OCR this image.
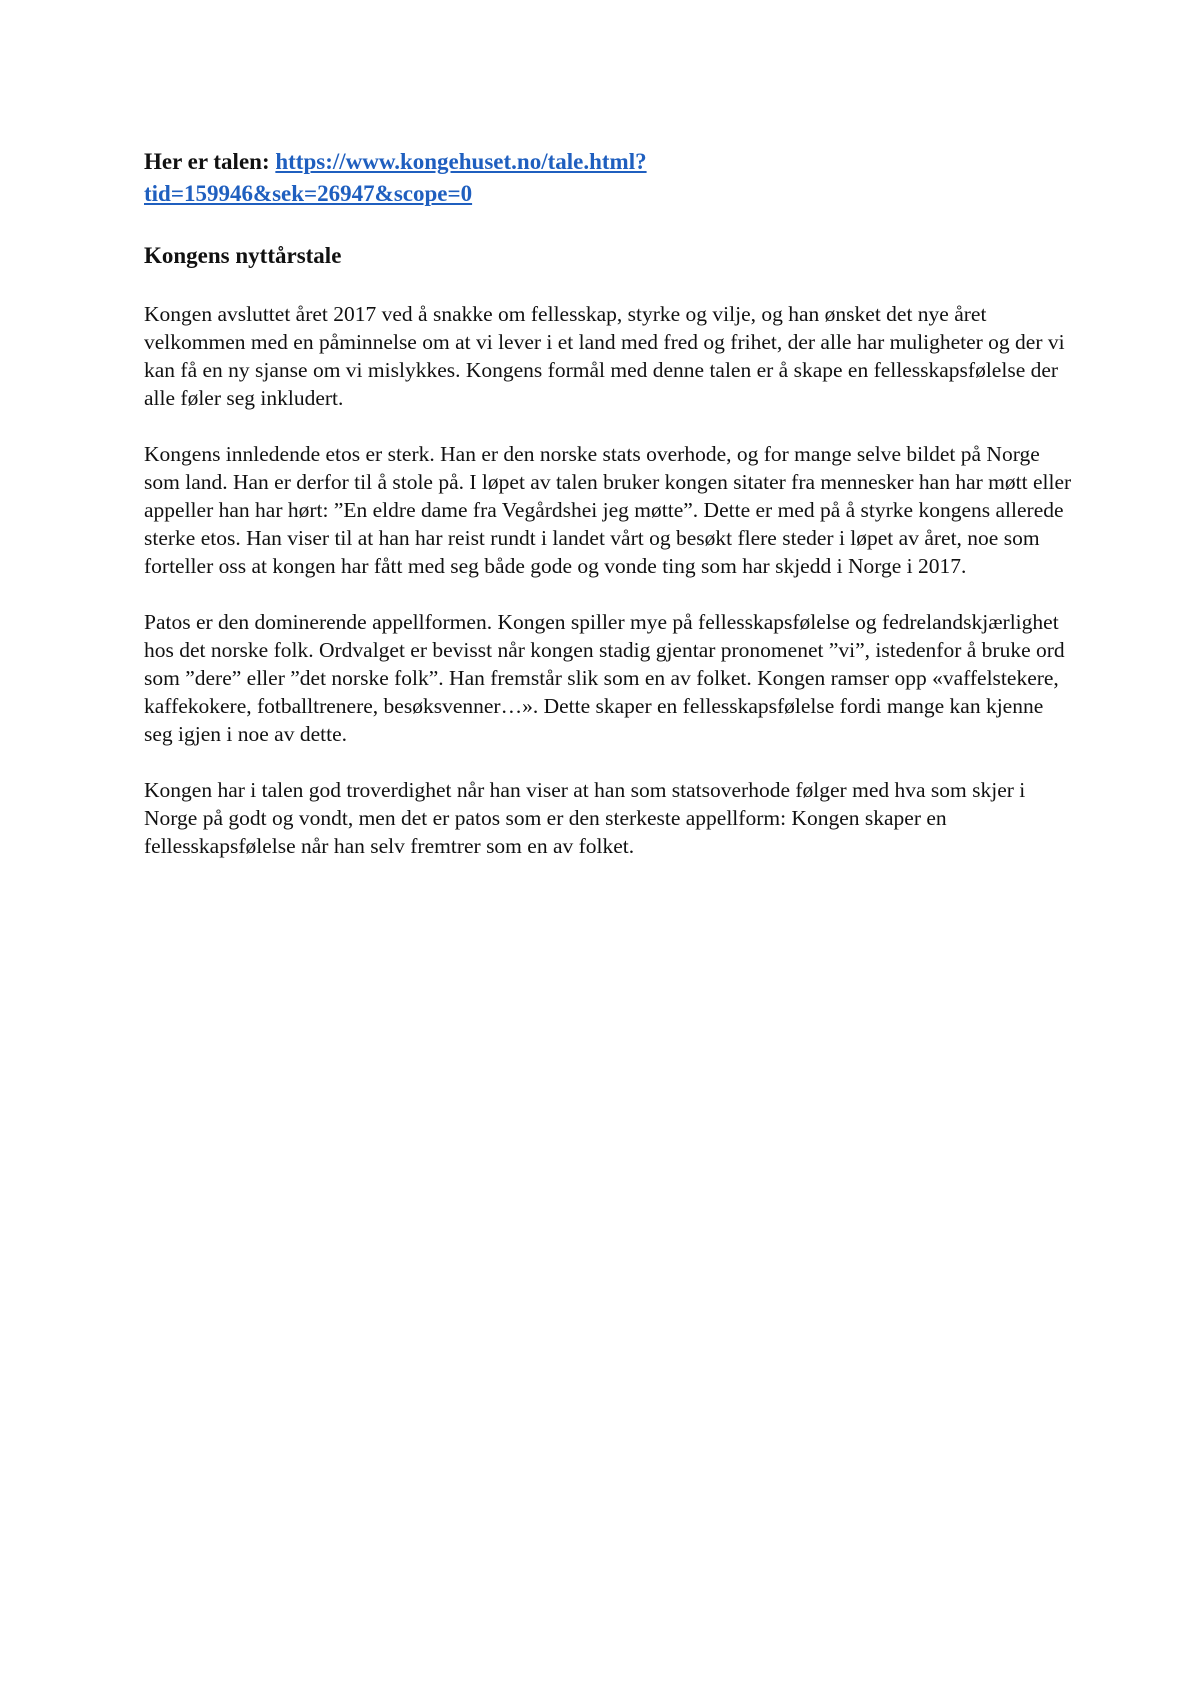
Her er talen: https://www.kongehuset.no/tale.html?
tid=159946&sek=26947&scope=0

Kongens nyttårstale

Kongen avsluttet året 2017 ved å snakke om fellesskap, styrke og vilje, og han ønsket det nye året velkommen med en påminnelse om at vi lever i et land med fred og frihet, der alle har muligheter og der vi kan få en ny sjanse om vi mislykkes. Kongens formål med denne talen er å skape en fellesskapsfølelse der alle føler seg inkludert.

Kongens innledende etos er sterk. Han er den norske stats overhode, og for mange selve bildet på Norge som land. Han er derfor til å stole på. I løpet av talen bruker kongen sitater fra mennesker han har møtt eller appeller han har hørt: ”En eldre dame fra Vegårdshei jeg møtte”. Dette er med på å styrke kongens allerede sterke etos. Han viser til at han har reist rundt i landet vårt og besøkt flere steder i løpet av året, noe som forteller oss at kongen har fått med seg både gode og vonde ting som har skjedd i Norge i 2017.

Patos er den dominerende appellformen. Kongen spiller mye på fellesskapsfølelse og fedrelandskjærlighet hos det norske folk. Ordvalget er bevisst når kongen stadig gjentar pronomenet ”vi”, istedenfor å bruke ord som ”dere” eller ”det norske folk”. Han fremstår slik som en av folket. Kongen ramser opp «vaffelstekere, kaffekokere, fotballtrenere, besøksvenner…». Dette skaper en fellesskapsfølelse fordi mange kan kjenne seg igjen i noe av dette.

Kongen har i talen god troverdighet når han viser at han som statsoverhode følger med hva som skjer i Norge på godt og vondt, men det er patos som er den sterkeste appellform: Kongen skaper en fellesskapsfølelse når han selv fremtrer som en av folket.
